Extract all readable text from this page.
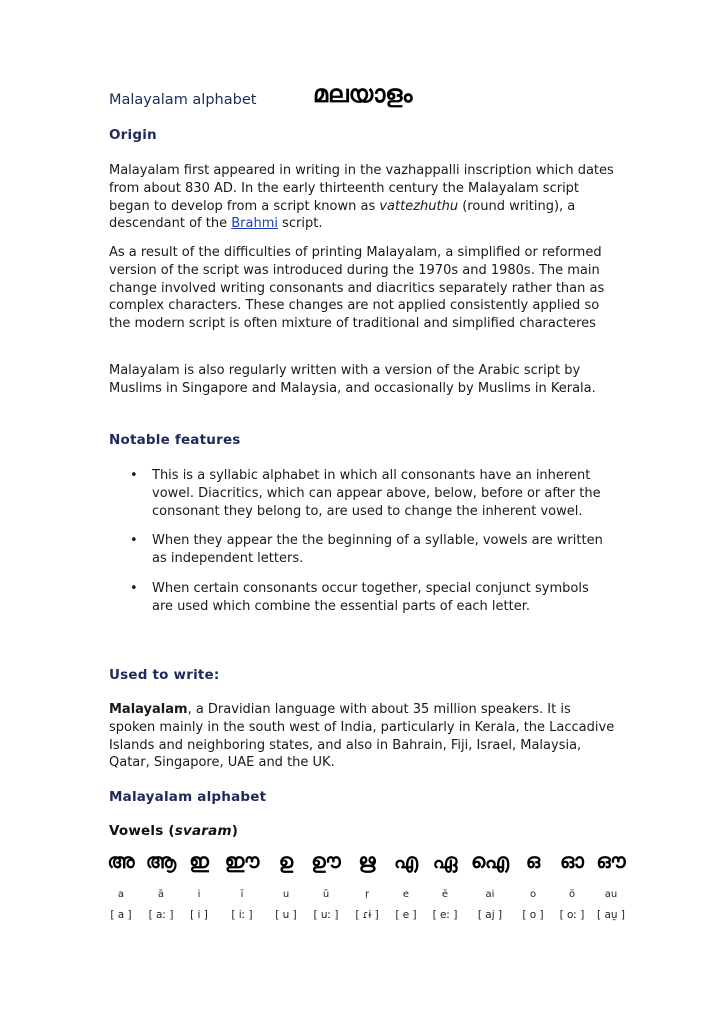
Malayalam alphabet മലയാളം
Origin

Malayalam first appeared in writing in the vazhappalli inscription which dates from about 830 AD. In the early thirteenth century the Malayalam script began to develop from a script known as vattezhuthu (round writing), a descendant of the Brahmi script.

As a result of the difficulties of printing Malayalam, a simplified or reformed version of the script was introduced during the 1970s and 1980s. The main change involved writing consonants and diacritics separately rather than as complex characters. These changes are not applied consistently applied so the modern script is often mixture of traditional and simplified characteres

Malayalam is also regularly written with a version of the Arabic script by Muslims in Singapore and Malaysia, and occasionally by Muslims in Kerala.

Notable features
• This is a syllabic alphabet in which all consonants have an inherent vowel. Diacritics, which can appear above, below, before or after the consonant they belong to, are used to change the inherent vowel.
• When they appear the the beginning of a syllable, vowels are written as independent letters.
• When certain consonants occur together, special conjunct symbols are used which combine the essential parts of each letter.
Used to write:

Malayalam, a Dravidian language with about 35 million speakers. It is spoken mainly in the south west of India, particularly in Kerala, the Laccadive Islands and neighboring states, and also in Bahrain, Fiji, Israel, Malaysia, Qatar, Singapore, UAE and the UK.

Malayalam alphabet
Vowels (svaram)
അ
a
[ a ]
ആ
ā
[ aː ]
ഇ
i
[ i ]
ഈ
ī
[ iː ]
ഉ
u
[ u ]
ഊ
ū
[ uː ]
ഋ
ṛ
[ ɾɨ ]
എ
e
[ e ]
ഏ
ē
[ eː ]
ഐ
ai
[ aj ]
ഒ
o
[ o ]
ഓ
ō
[ oː ]
ഔ
au
[ au̯ ]
